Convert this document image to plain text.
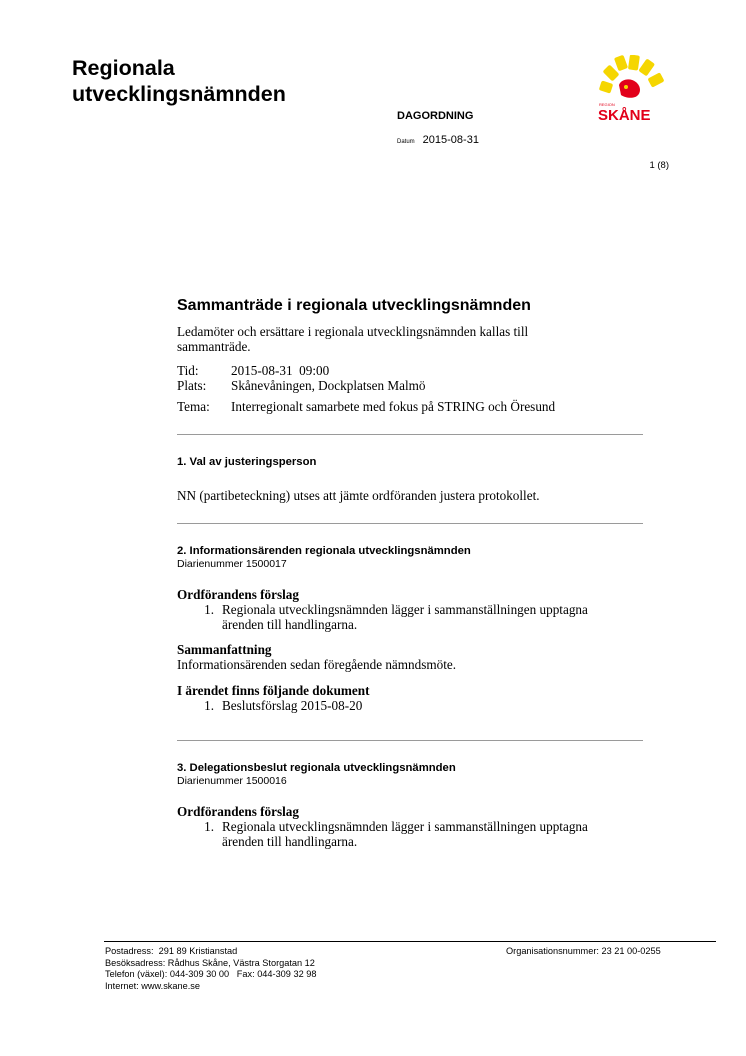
Regionala
utvecklingsnämnden
DAGORDNING
Datum 2015-08-31
1 (8)
REGION
SKÅNE
Sammanträde i regionala utvecklingsnämnden

Ledamöter och ersättare i regionala utvecklingsnämnden kallas till

sammanträde.

Tid:	2015-08-31  09:00
Plats:	Skånevåningen, Dockplatsen Malmö
Tema:	Interregionalt samarbete med fokus på STRING och Öresund
1. Val av justeringsperson

NN (partibeteckning) utses att jämte ordföranden justera protokollet.

2. Informationsärenden regionala utvecklingsnämnden
Diarienummer 1500017
Ordförandens förslag
1. Regionala utvecklingsnämnden lägger i sammanställningen upptagna
ärenden till handlingarna.
Sammanfattning

Informationsärenden sedan föregående nämndsmöte.

I ärendet finns följande dokument
1. Beslutsförslag 2015-08-20
3. Delegationsbeslut regionala utvecklingsnämnden
Diarienummer 1500016
Ordförandens förslag
1. Regionala utvecklingsnämnden lägger i sammanställningen upptagna
ärenden till handlingarna.
Postadress:  291 89 Kristianstad
Besöksadress: Rådhus Skåne, Västra Storgatan 12
Telefon (växel): 044-309 30 00   Fax: 044-309 32 98
Internet: www.skane.se
Organisationsnummer: 23 21 00-0255
